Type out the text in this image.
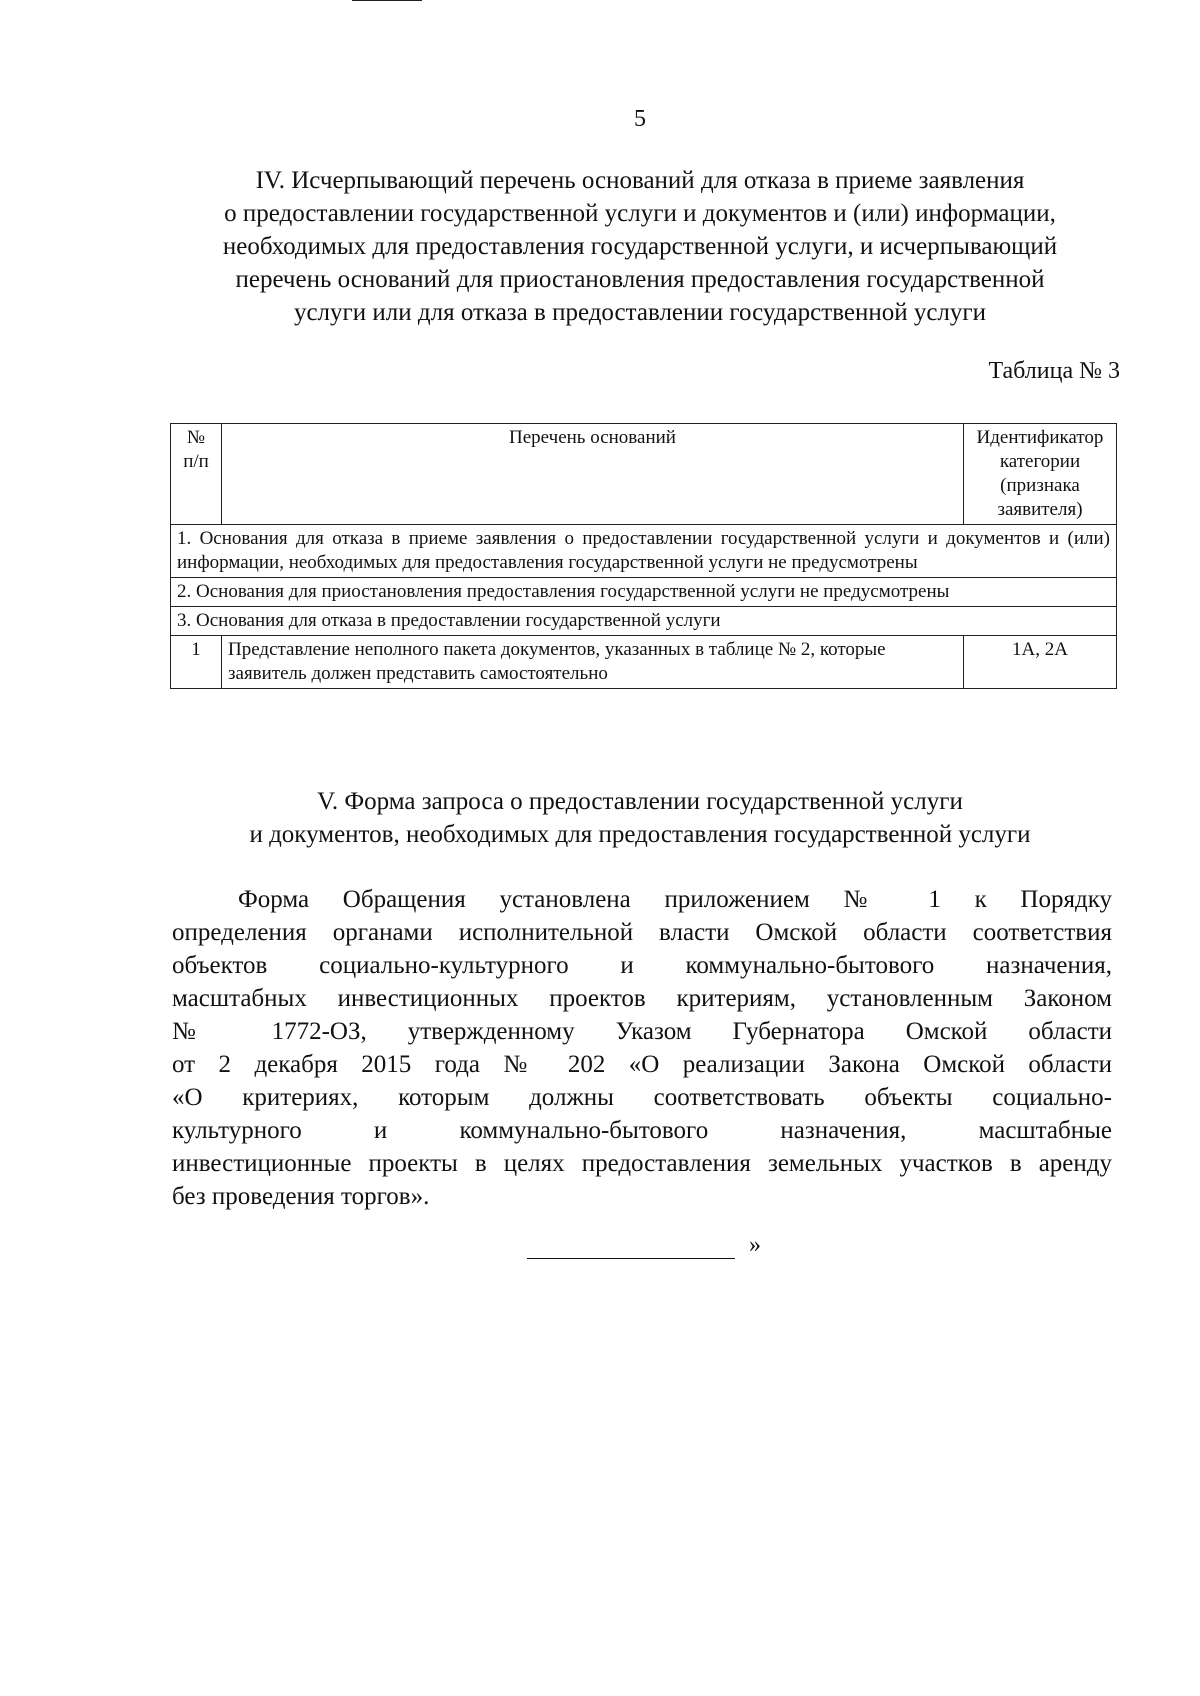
5
IV. Исчерпывающий перечень оснований для отказа в приеме заявления
о предоставлении государственной услуги и документов и (или) информации,
необходимых для предоставления государственной услуги, и исчерпывающий
перечень оснований для приостановления предоставления государственной
услуги или для отказа в предоставлении государственной услуги
Таблица № 3
№ п/п	Перечень оснований	Идентификатор категории (признака заявителя)
1. Основания для отказа в приеме заявления о предоставлении государственной услуги и документов и (или) информации, необходимых для предоставления государственной услуги не предусмотрены		
2. Основания для приостановления предоставления государственной услуги не предусмотрены		
3. Основания для отказа в предоставлении государственной услуги		
1	Представление неполного пакета документов, указанных в таблице № 2, которые заявитель должен представить самостоятельно	1А, 2А
V. Форма запроса о предоставлении государственной услуги
и документов, необходимых для предоставления государственной услуги

Форма Обращения установлена приложением № 1 к Порядку
определения органами исполнительной власти Омской области соответствия
объектов социально-культурного и коммунально-бытового назначения,
масштабных инвестиционных проектов критериям, установленным Законом
№ 1772-ОЗ, утвержденному Указом Губернатора Омской области
от 2 декабря 2015 года № 202 «О реализации Закона Омской области
«О критериях, которым должны соответствовать объекты социально-
культурного и коммунально-бытового назначения, масштабные
инвестиционные проекты в целях предоставления земельных участков в аренду
без проведения торгов».

»
